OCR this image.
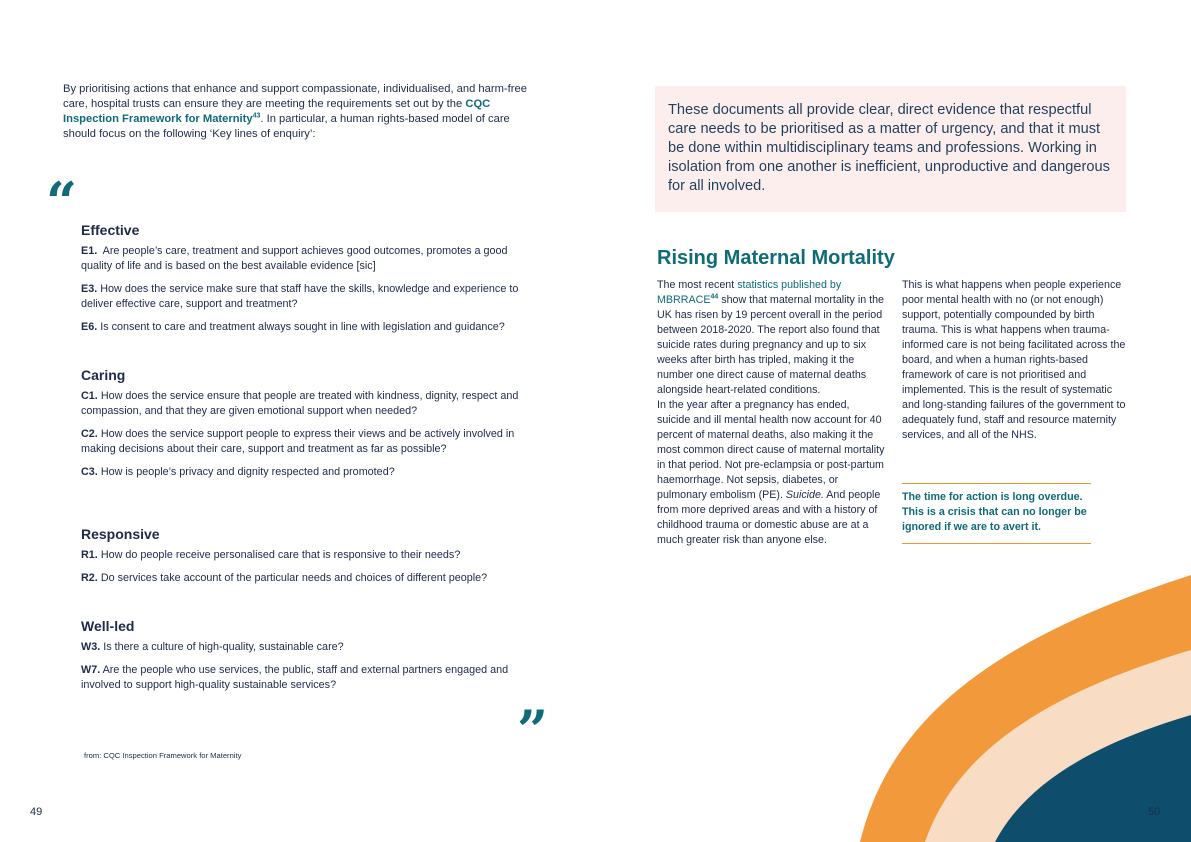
By prioritising actions that enhance and support compassionate, individualised, and harm-free care, hospital trusts can ensure they are meeting the requirements set out by the CQC Inspection Framework for Maternity$^{43}$. In particular, a human rights-based model of care should focus on the following ‘Key lines of enquiry’:
“ Effective
E1. Are people’s care, treatment and support achieves good outcomes, promotes a good quality of life and is based on the best available evidence [sic]
E3. How does the service make sure that staff have the skills, knowledge and experience to deliver effective care, support and treatment?
E6. Is consent to care and treatment always sought in line with legislation and guidance?
Caring
C1. How does the service ensure that people are treated with kindness, dignity, respect and compassion, and that they are given emotional support when needed?
C2. How does the service support people to express their views and be actively involved in making decisions about their care, support and treatment as far as possible?
C3. How is people’s privacy and dignity respected and promoted?
Responsive
R1. How do people receive personalised care that is responsive to their needs?
R2. Do services take account of the particular needs and choices of different people?
Well-led
W3. Is there a culture of high-quality, sustainable care?
W7. Are the people who use services, the public, staff and external partners engaged and involved to support high-quality sustainable services?
”
from: CQC Inspection Framework for Maternity
49
These documents all provide clear, direct evidence that respectful care needs to be prioritised as a matter of urgency, and that it must be done within multidisciplinary teams and professions. Working in isolation from one another is inefficient, unproductive and dangerous for all involved.
Rising Maternal Mortality
The most recent statistics published by MBRRACE$^{44}$ show that maternal mortality in the UK has risen by 19 percent overall in the period between 2018-2020. The report also found that suicide rates during pregnancy and up to six weeks after birth has tripled, making it the number one direct cause of maternal deaths alongside heart-related conditions.
In the year after a pregnancy has ended, suicide and ill mental health now account for 40 percent of maternal deaths, also making it the most common direct cause of maternal mortality in that period. Not pre-eclampsia or post-partum haemorrhage. Not sepsis, diabetes, or pulmonary embolism (PE). Suicide. And people from more deprived areas and with a history of childhood trauma or domestic abuse are at a much greater risk than anyone else.
This is what happens when people experience poor mental health with no (or not enough) support, potentially compounded by birth trauma. This is what happens when trauma-informed care is not being facilitated across the board, and when a human rights-based framework of care is not prioritised and implemented. This is the result of systematic and long-standing failures of the government to adequately fund, staff and resource maternity services, and all of the NHS.
The time for action is long overdue. This is a crisis that can no longer be ignored if we are to avert it.
50
